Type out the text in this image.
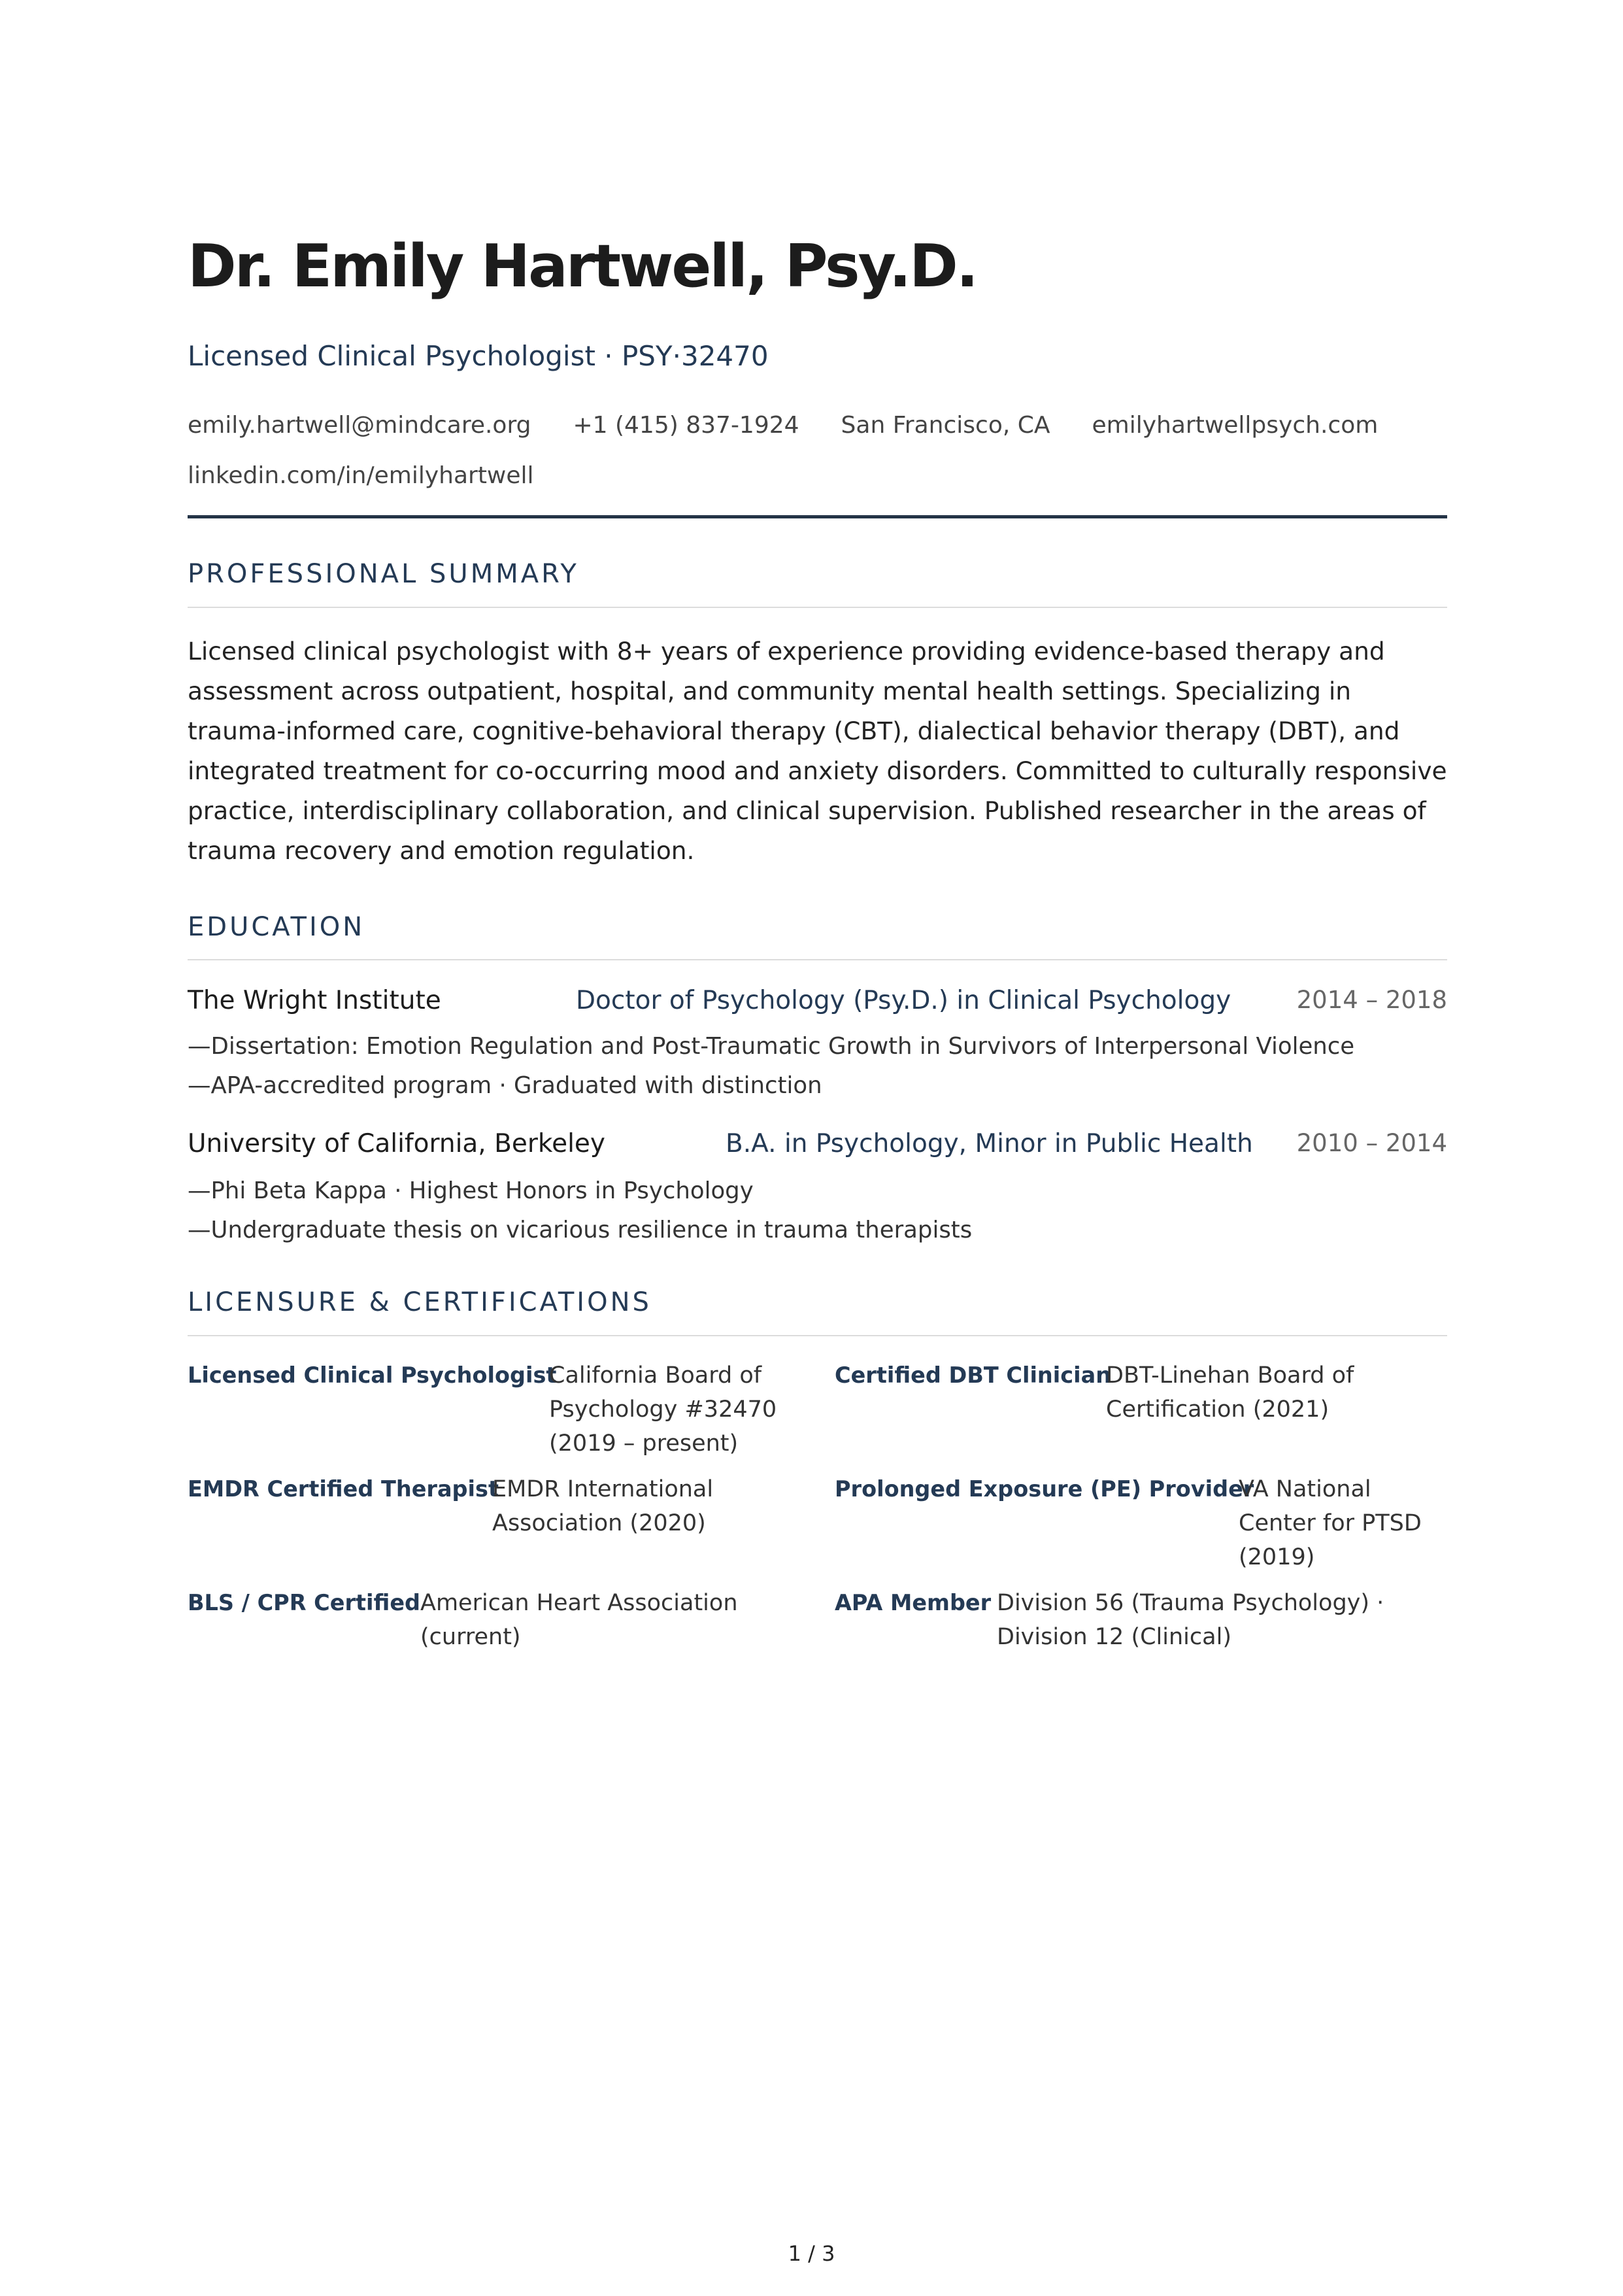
Dr. Emily Hartwell, Psy.D.
Licensed Clinical Psychologist · PSY·32470
emily.hartwell@mindcare.org +1 (415) 837-1924 San Francisco, CA emilyhartwellpsych.comlinkedin.com/in/emilyhartwell
PROFESSIONAL SUMMARY

Licensed clinical psychologist with 8+ years of experience providing evidence-based therapy and assessment across outpatient, hospital, and community mental health settings. Specializing in trauma-informed care, cognitive-behavioral therapy (CBT), dialectical behavior therapy (DBT), and integrated treatment for co-occurring mood and anxiety disorders. Committed to culturally responsive practice, interdisciplinary collaboration, and clinical supervision. Published researcher in the areas of trauma recovery and emotion regulation.

EDUCATION
The Wright Institute	Doctor of Psychology (Psy.D.) in Clinical Psychology	2014 – 2018
—Dissertation: Emotion Regulation and Post-Traumatic Growth in Survivors of Interpersonal Violence
—APA-accredited program · Graduated with distinction
University of California, Berkeley	B.A. in Psychology, Minor in Public Health 2010 – 2014
—Phi Beta Kappa · Highest Honors in Psychology
—Undergraduate thesis on vicarious resilience in trauma therapists
LICENSURE & CERTIFICATIONS
Licensed Clinical Psychologist
California Board of Psychology #32470 (2019 – present)
Certified DBT Clinician
DBT-Linehan Board of Certification (2021)
EMDR Certified Therapist
EMDR International Association (2020)
Prolonged Exposure (PE) Provider
VA National Center for PTSD (2019)
BLS / CPR Certified American Heart Association (current)
APA Member Division 56 (Trauma Psychology) · Division 12 (Clinical)
1 / 3
